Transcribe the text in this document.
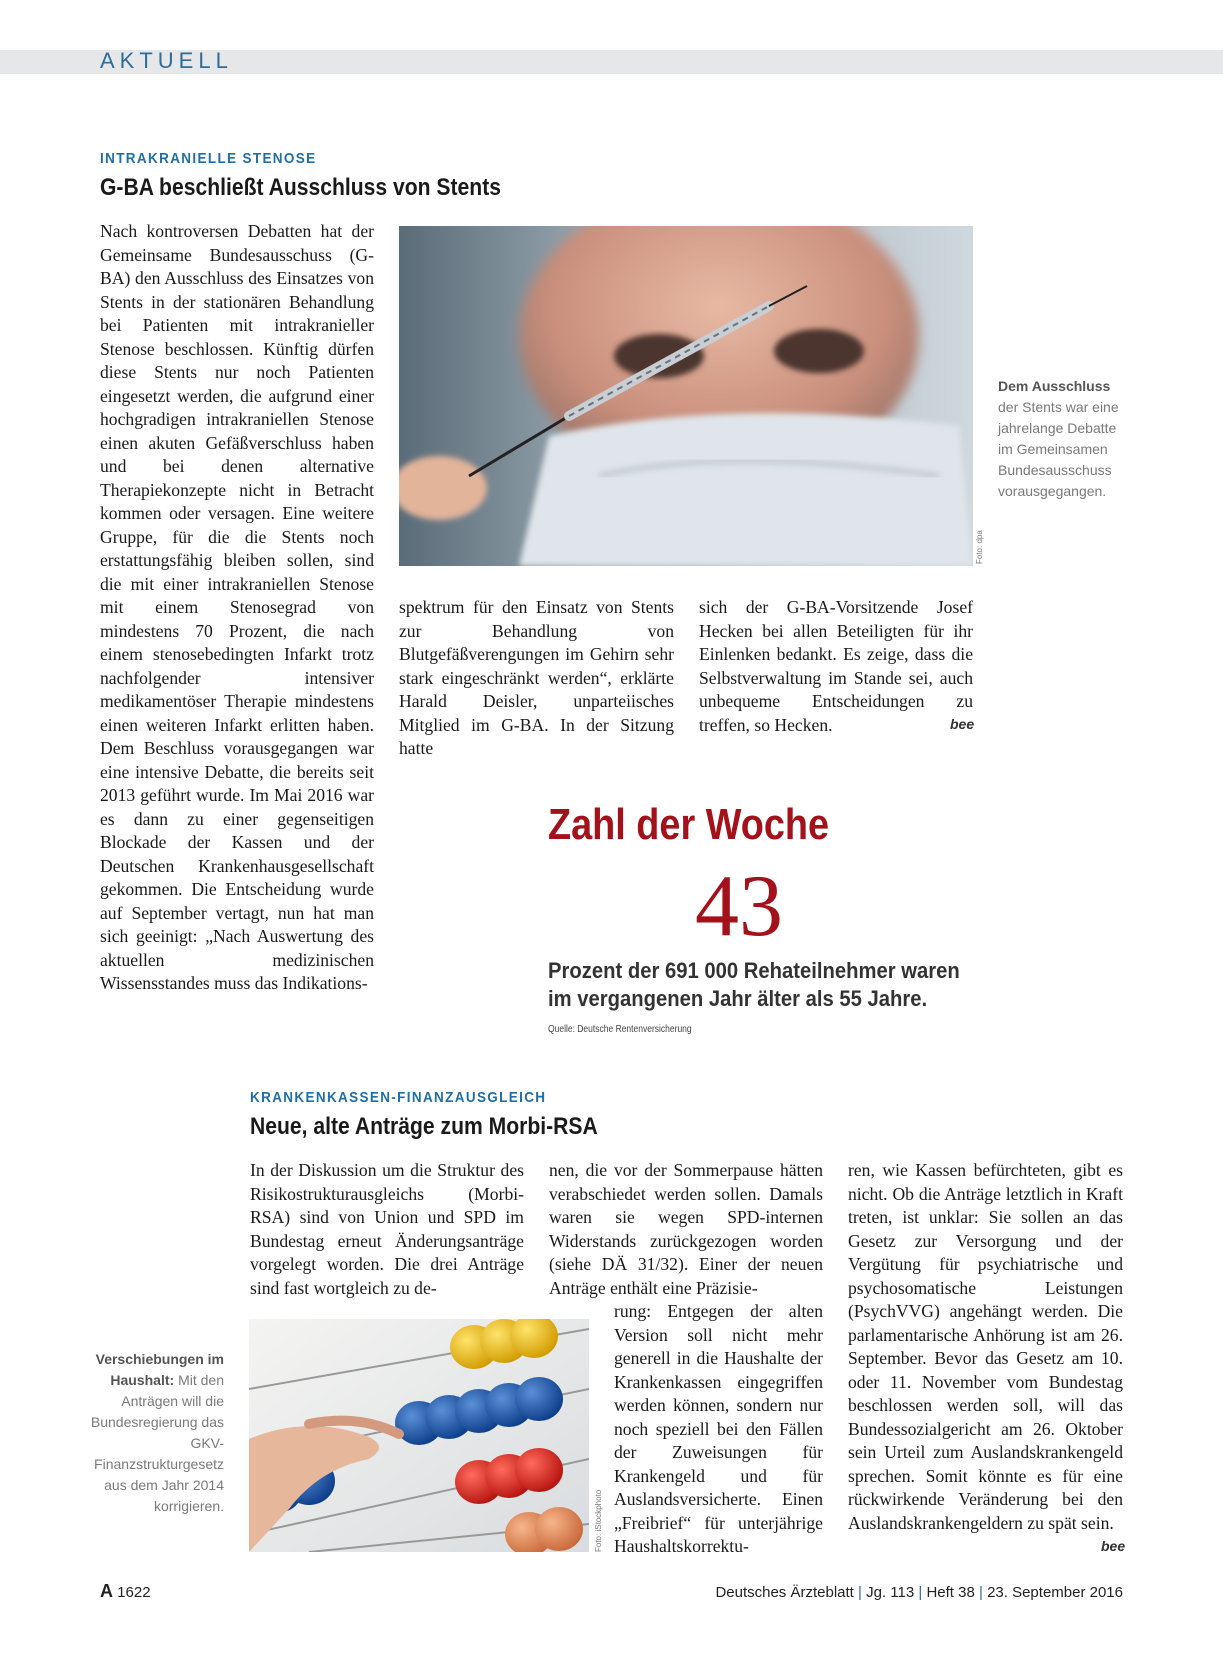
AKTUELL
INTRAKRANIELLE STENOSE
G-BA beschließt Ausschluss von Stents

Nach kontroversen Debatten hat der Gemeinsame Bundesausschuss (G-BA) den Ausschluss des Einsatzes von Stents in der stationären Behandlung bei Patienten mit intrakranieller Stenose beschlossen. Künftig dürfen diese Stents nur noch Patienten eingesetzt werden, die aufgrund einer hochgradigen intrakraniellen Stenose einen akuten Gefäßverschluss haben und bei denen alternative Therapiekonzepte nicht in Betracht kommen oder versagen. Eine weitere Gruppe, für die die Stents noch erstattungsfähig bleiben sollen, sind die mit einer intrakraniellen Stenose mit einem Stenosegrad von mindestens 70 Prozent, die nach einem stenosebedingten Infarkt trotz nachfolgender intensiver medikamentöser Therapie mindestens einen weiteren Infarkt erlitten haben. Dem Beschluss vorausgegangen war eine intensive Debatte, die bereits seit 2013 geführt wurde. Im Mai 2016 war es dann zu einer gegenseitigen Blockade der Kassen und der Deutschen Krankenhausgesellschaft gekommen. Die Entscheidung wurde auf September vertagt, nun hat man sich geeinigt: „Nach Auswertung des aktuellen medizinischen Wissensstandes muss das Indikations-

Foto: dpa
Dem Ausschluss der Stents war eine jahrelange Debatte im Gemeinsamen Bundesausschuss vorausgegangen.

spektrum für den Einsatz von Stents zur Behandlung von Blutgefäßverengungen im Gehirn sehr stark eingeschränkt werden“, erklärte Harald Deisler, unparteiisches Mitglied im G-BA. In der Sitzung hatte

sich der G-BA-Vorsitzende Josef Hecken bei allen Beteiligten für ihr Einlenken bedankt. Es zeige, dass die Selbstverwaltung im Stande sei, auch unbequeme Entscheidungen zu treffen, so Hecken.	bee
Zahl der Woche
43
Prozent der 691 000 Rehateilnehmer waren
im vergangenen Jahr älter als 55 Jahre.
Quelle: Deutsche Rentenversicherung
KRANKENKASSEN-FINANZAUSGLEICH
Neue, alte Anträge zum Morbi-RSA

In der Diskussion um die Struktur des Risikostrukturausgleichs (Morbi-RSA) sind von Union und SPD im Bundestag erneut Änderungsanträge vorgelegt worden. Die drei Anträge sind fast wortgleich zu de-

Foto: iStockphoto
Verschiebungen im Haushalt: Mit den Anträgen will die Bundesregierung das GKV-Finanzstrukturgesetz aus dem Jahr 2014 korrigieren.

nen, die vor der Sommerpause hätten verabschiedet werden sollen. Damals waren sie wegen SPD-internen Widerstands zurückgezogen worden (siehe DÄ 31/32). Einer der neuen Anträge enthält eine Präzisie-

rung: Entgegen der alten Version soll nicht mehr generell in die Haushalte der Krankenkassen eingegriffen werden können, sondern nur noch speziell bei den Fällen der Zuweisungen für Krankengeld und für Auslandsversicherte. Einen „Freibrief“ für unterjährige Haushaltskorrektu-

ren, wie Kassen befürchteten, gibt es nicht. Ob die Anträge letztlich in Kraft treten, ist unklar: Sie sollen an das Gesetz zur Versorgung und der Vergütung für psychiatrische und psychosomatische Leistungen (PsychVVG) angehängt werden. Die parlamentarische Anhörung ist am 26. September. Bevor das Gesetz am 10. oder 11. November vom Bundestag beschlossen werden soll, will das Bundessozialgericht am 26. Oktober sein Urteil zum Auslandskrankengeld sprechen. Somit könnte es für eine rückwirkende Veränderung bei den Auslandskrankengeldern zu spät sein.

bee
A 1622	Deutsches Ärzteblatt | Jg. 113 | Heft 38 | 23. September 2016
